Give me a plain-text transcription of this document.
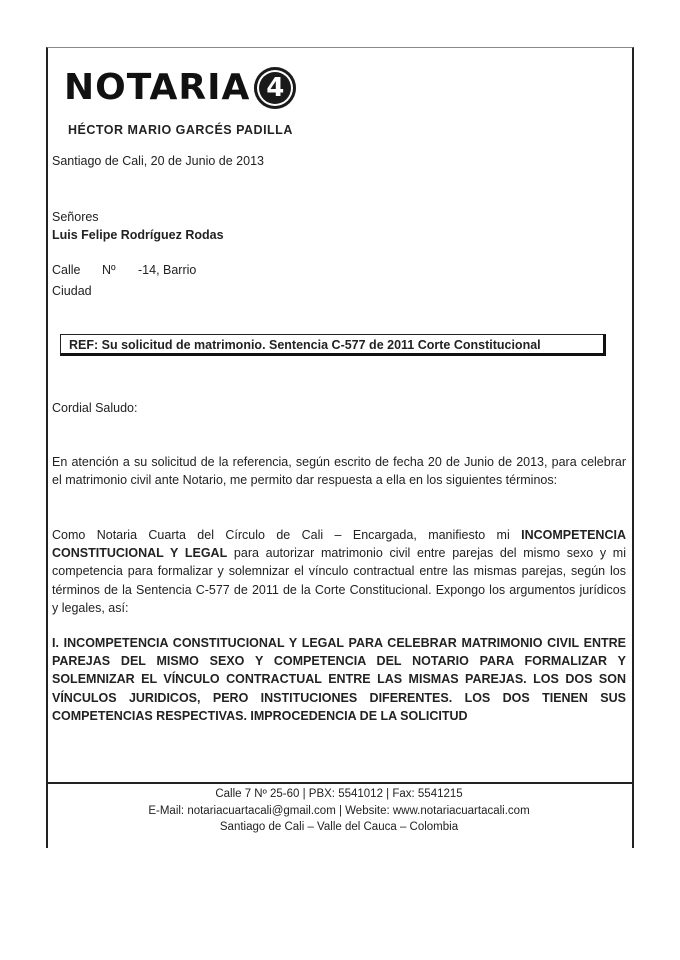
NOTARIA 4
HÉCTOR MARIO GARCÉS PADILLA
Santiago de Cali, 20 de Junio de 2013
Señores
Luis Felipe Rodríguez Rodas
Calle	Nº	-14, Barrio
Ciudad
REF: Su solicitud de matrimonio. Sentencia C-577 de 2011 Corte Constitucional
Cordial Saludo:
En atención a su solicitud de la referencia, según escrito de fecha 20 de Junio de 2013, para celebrar el matrimonio civil ante Notario, me permito dar respuesta a ella en los siguientes términos:
Como Notaria Cuarta del Círculo de Cali – Encargada, manifiesto mi INCOMPETENCIA CONSTITUCIONAL Y LEGAL para autorizar matrimonio civil entre parejas del mismo sexo y mi competencia para formalizar y solemnizar el vínculo contractual entre las mismas parejas, según los términos de la Sentencia C-577 de 2011 de la Corte Constitucional. Expongo los argumentos jurídicos y legales, así:
I. INCOMPETENCIA CONSTITUCIONAL Y LEGAL PARA CELEBRAR MATRIMONIO CIVIL ENTRE PAREJAS DEL MISMO SEXO Y COMPETENCIA DEL NOTARIO PARA FORMALIZAR Y SOLEMNIZAR EL VÍNCULO CONTRACTUAL ENTRE LAS MISMAS PAREJAS. LOS DOS SON VÍNCULOS JURIDICOS, PERO INSTITUCIONES DIFERENTES. LOS DOS TIENEN SUS COMPETENCIAS RESPECTIVAS. IMPROCEDENCIA DE LA SOLICITUD
Calle 7 Nº 25-60 | PBX: 5541012 | Fax: 5541215
E-Mail: notariacuartacali@gmail.com | Website: www.notariacuartacali.com
Santiago de Cali – Valle del Cauca – Colombia
